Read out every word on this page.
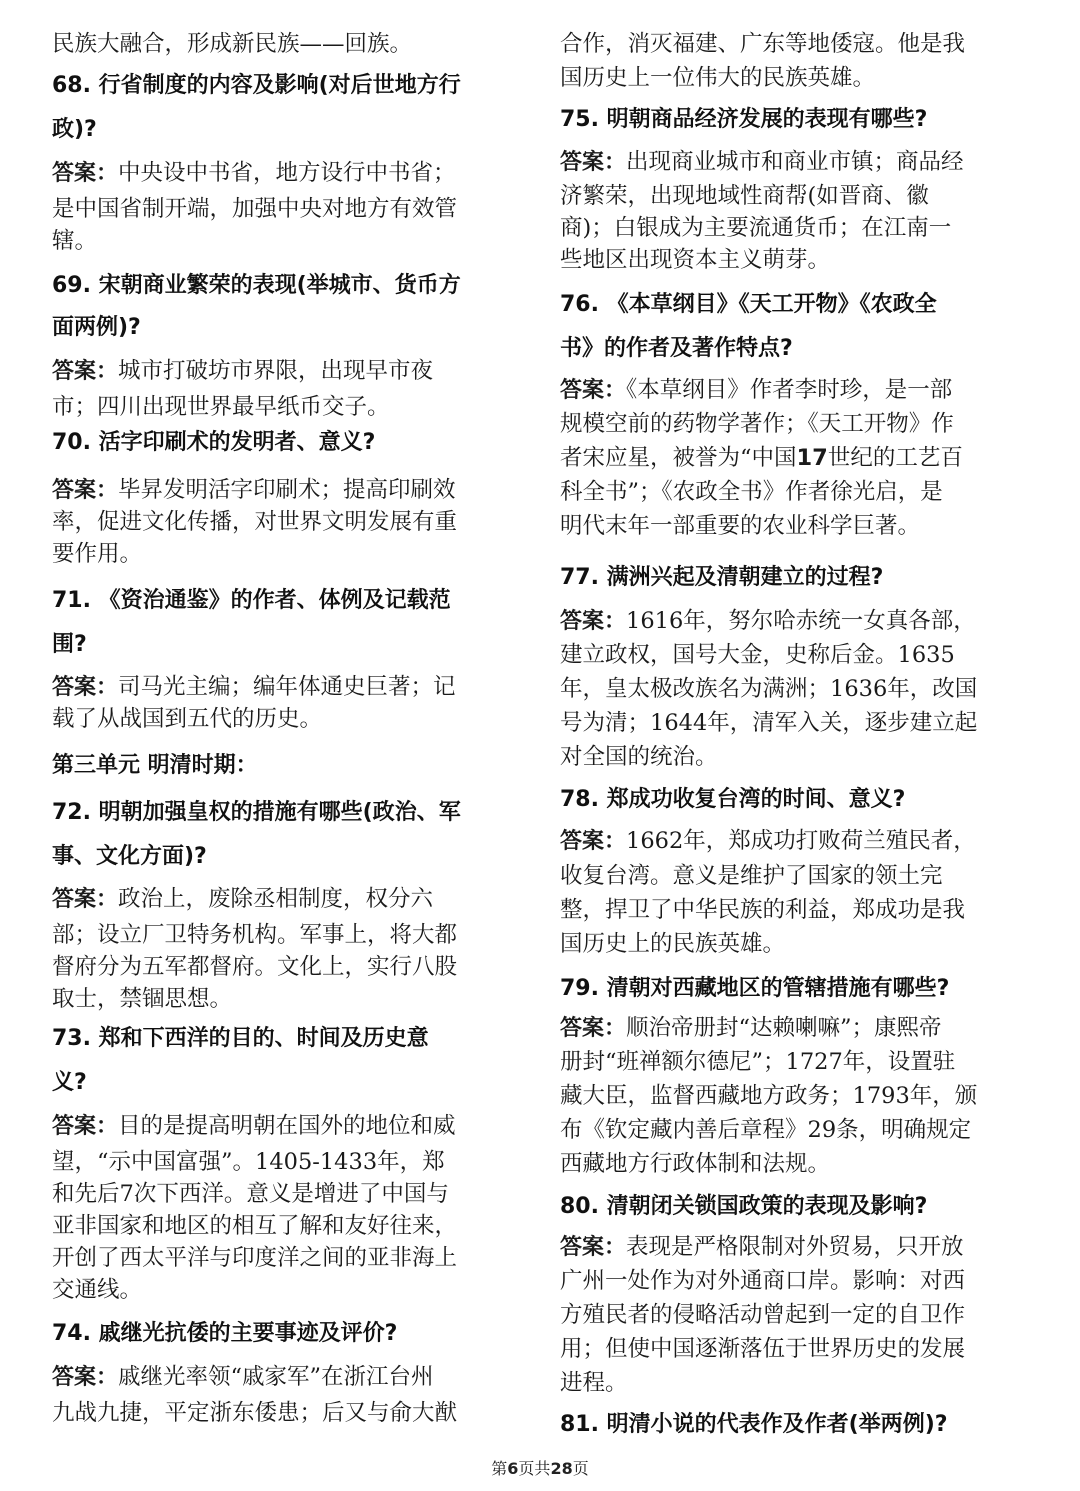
民族大融合，形成新民族——回族。
68. 行省制度的内容及影响(对后世地方行
政)?
答案：中央设中书省，地方设行中书省；
是中国省制开端，加强中央对地方有效管
辖。
69. 宋朝商业繁荣的表现(举城市、货币方
面两例)?
答案：城市打破坊市界限，出现早市夜
市；四川出现世界最早纸币交子。
70. 活字印刷术的发明者、意义?
答案：毕昇发明活字印刷术；提高印刷效
率，促进文化传播，对世界文明发展有重
要作用。
71. 《资治通鉴》的作者、体例及记载范
围?
答案：司马光主编；编年体通史巨著；记
载了从战国到五代的历史。
第三单元 明清时期：
72. 明朝加强皇权的措施有哪些(政治、军
事、文化方面)?
答案：政治上，废除丞相制度，权分六
部；设立厂卫特务机构。军事上，将大都
督府分为五军都督府。文化上，实行八股
取士，禁锢思想。
73. 郑和下西洋的目的、时间及历史意
义?
答案：目的是提高明朝在国外的地位和威
望，“示中国富强”。1405-1433年，郑
和先后7次下西洋。意义是增进了中国与
亚非国家和地区的相互了解和友好往来，
开创了西太平洋与印度洋之间的亚非海上
交通线。
74. 戚继光抗倭的主要事迹及评价?
答案：戚继光率领“戚家军”在浙江台州
九战九捷，平定浙东倭患；后又与俞大猷
合作，消灭福建、广东等地倭寇。他是我
国历史上一位伟大的民族英雄。
75. 明朝商品经济发展的表现有哪些?
答案：出现商业城市和商业市镇；商品经
济繁荣，出现地域性商帮(如晋商、徽
商)；白银成为主要流通货币；在江南一
些地区出现资本主义萌芽。
76. 《本草纲目》《天工开物》《农政全
书》的作者及著作特点?
答案：《本草纲目》作者李时珍，是一部
规模空前的药物学著作；《天工开物》作
者宋应星，被誉为“中国17世纪的工艺百
科全书”；《农政全书》作者徐光启，是
明代末年一部重要的农业科学巨著。
77. 满洲兴起及清朝建立的过程?
答案：1616年，努尔哈赤统一女真各部，
建立政权，国号大金，史称后金。1635
年，皇太极改族名为满洲；1636年，改国
号为清；1644年，清军入关，逐步建立起
对全国的统治。
78. 郑成功收复台湾的时间、意义?
答案：1662年，郑成功打败荷兰殖民者，
收复台湾。意义是维护了国家的领土完
整，捍卫了中华民族的利益，郑成功是我
国历史上的民族英雄。
79. 清朝对西藏地区的管辖措施有哪些?
答案：顺治帝册封“达赖喇嘛”；康熙帝
册封“班禅额尔德尼”；1727年，设置驻
藏大臣，监督西藏地方政务；1793年，颁
布《钦定藏内善后章程》29条，明确规定
西藏地方行政体制和法规。
80. 清朝闭关锁国政策的表现及影响?
答案：表现是严格限制对外贸易，只开放
广州一处作为对外通商口岸。影响：对西
方殖民者的侵略活动曾起到一定的自卫作
用；但使中国逐渐落伍于世界历史的发展
进程。
81. 明清小说的代表作及作者(举两例)?
第6页共28页
